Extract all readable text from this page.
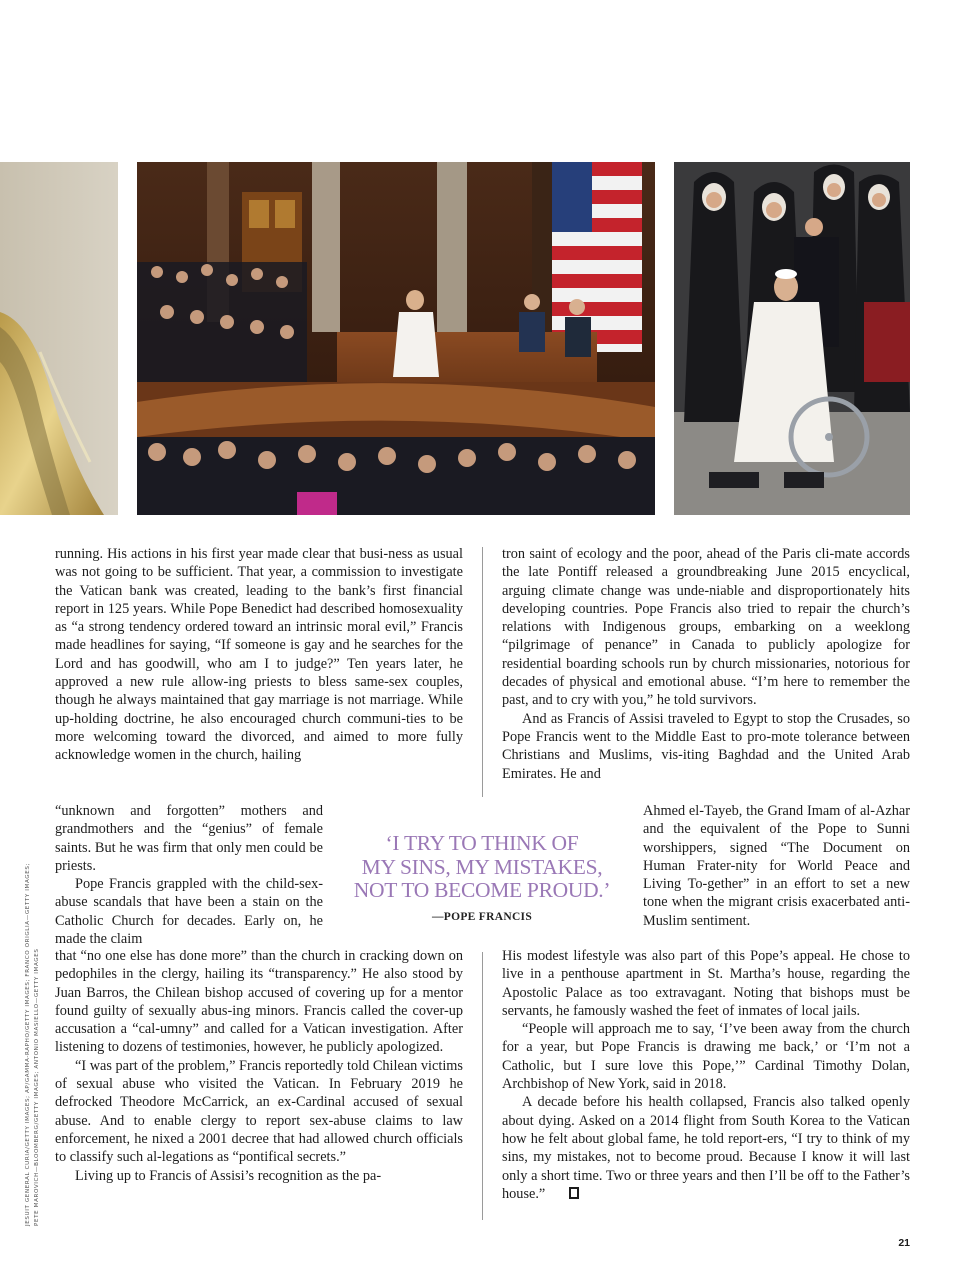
JESUIT GENERAL CURIA/GETTY IMAGES; AP/GAMMA-RAPHO/GETTY IMAGES; FRANCO ORIGLIA—GETTY IMAGES; PETE MAROVICH—BLOOMBERG/GETTY IMAGES; ANTONIO MASIELLO—GETTY IMAGES

running. His actions in his first year made clear that busi-ness as usual was not going to be sufficient. That year, a commission to investigate the Vatican bank was created, leading to the bank’s first financial report in 125 years. While Pope Benedict had described homosexuality as “a strong tendency ordered toward an intrinsic moral evil,” Francis made headlines for saying, “If someone is gay and he searches for the Lord and has goodwill, who am I to judge?” Ten years later, he approved a new rule allow-ing priests to bless same-sex couples, though he always maintained that gay marriage is not marriage. While up-holding doctrine, he also encouraged church communi-ties to be more welcoming toward the divorced, and aimed to more fully acknowledge women in the church, hailing

“unknown and forgotten” mothers and grandmothers and the “genius” of female saints. But he was firm that only men could be priests.

Pope Francis grappled with the child-sex-abuse scandals that have been a stain on the Catholic Church for decades. Early on, he made the claim

that “no one else has done more” than the church in cracking down on pedophiles in the clergy, hailing its “transparency.” He also stood by Juan Barros, the Chilean bishop accused of covering up for a mentor found guilty of sexually abus-ing minors. Francis called the cover-up accusation a “cal-umny” and called for a Vatican investigation. After listening to dozens of testimonies, however, he publicly apologized.

“I was part of the problem,” Francis reportedly told Chilean victims of sexual abuse who visited the Vatican. In February 2019 he defrocked Theodore McCarrick, an ex-Cardinal accused of sexual abuse. And to enable clergy to report sex-abuse claims to law enforcement, he nixed a 2001 decree that had allowed church officials to classify such al-legations as “pontifical secrets.”

Living up to Francis of Assisi’s recognition as the pa-

tron saint of ecology and the poor, ahead of the Paris cli-mate accords the late Pontiff released a groundbreaking June 2015 encyclical, arguing climate change was unde-niable and disproportionately hits developing countries. Pope Francis also tried to repair the church’s relations with Indigenous groups, embarking on a weeklong “pilgrimage of penance” in Canada to publicly apologize for residential boarding schools run by church missionaries, notorious for decades of physical and emotional abuse. “I’m here to remember the past, and to cry with you,” he told survivors.

And as Francis of Assisi traveled to Egypt to stop the Crusades, so Pope Francis went to the Middle East to pro-mote tolerance between Christians and Muslims, vis-iting Baghdad and the United Arab Emirates. He and

Ahmed el-Tayeb, the Grand Imam of al-Azhar and the equivalent of the Pope to Sunni worshippers, signed “The Document on Human Frater-nity for World Peace and Living To-gether” in an effort to set a new tone when the migrant crisis exacerbated anti-Muslim sentiment.

His modest lifestyle was also part of this Pope’s appeal. He chose to live in a penthouse apartment in St. Martha’s house, regarding the Apostolic Palace as too extravagant. Noting that bishops must be servants, he famously washed the feet of inmates of local jails.

“People will approach me to say, ‘I’ve been away from the church for a year, but Pope Francis is drawing me back,’ or ‘I’m not a Catholic, but I sure love this Pope,’” Cardinal Timothy Dolan, Archbishop of New York, said in 2018.

A decade before his health collapsed, Francis also talked openly about dying. Asked on a 2014 flight from South Korea to the Vatican how he felt about global fame, he told report-ers, “I try to think of my sins, my mistakes, not to become proud. Because I know it will last only a short time. Two or three years and then I’ll be off to the Father’s house.”

‘I TRY TO THINK OF
MY SINS, MY MISTAKES,
NOT TO BECOME PROUD.’
—POPE FRANCIS
21
